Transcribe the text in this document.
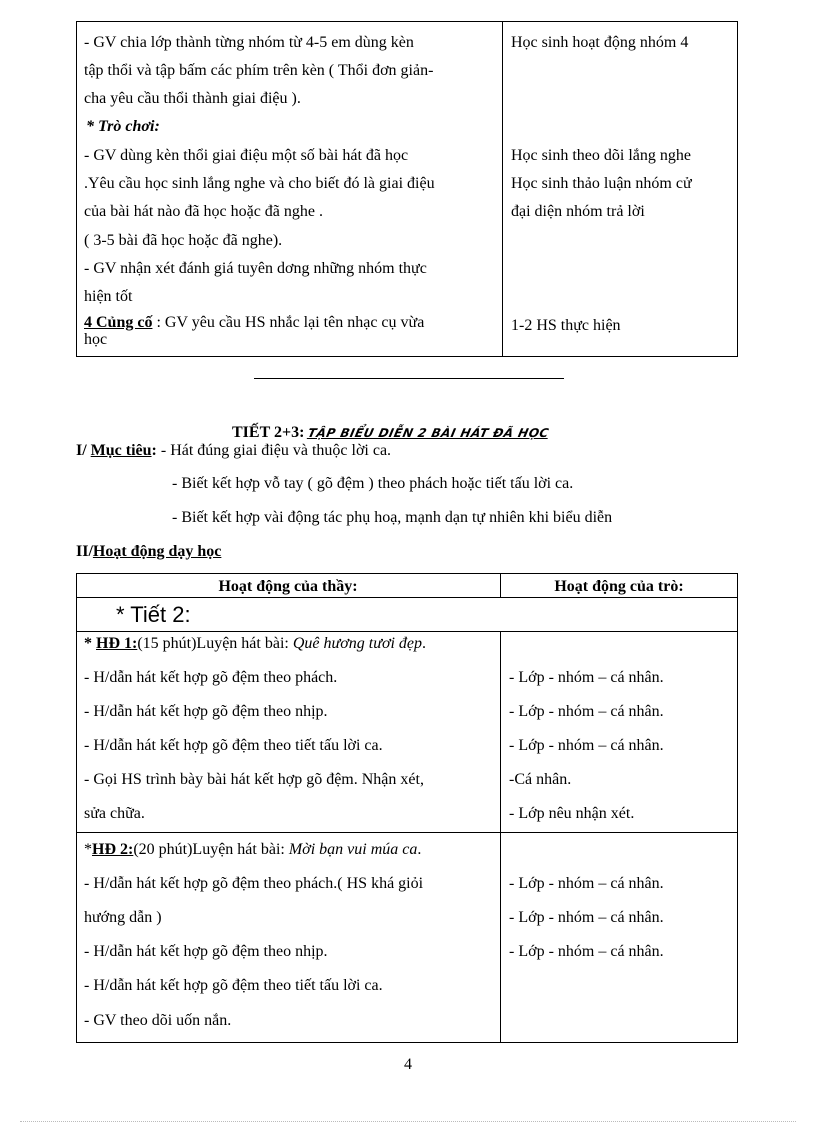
- GV chia lớp thành từng nhóm từ 4-5 em dùng kèn
tập thổi và tập bấm các phím trên kèn ( Thổi đơn giản-
cha yêu cầu thổi thành giai điệu ).
Học sinh hoạt động nhóm 4
* Trò chơi:
- GV dùng kèn thổi giai điệu một số bài hát đã học
.Yêu cầu học sinh lắng nghe và cho biết đó là giai điệu
của bài hát nào đã học hoặc đã nghe .
( 3-5 bài đã học hoặc đã nghe).
- GV nhận xét đánh giá tuyên dơng những nhóm thực
hiện tốt
Học sinh theo dõi lắng nghe
Học sinh thảo luận nhóm cử
đại diện nhóm trả lời
4 Củng cố : GV yêu cầu HS nhắc lại tên nhạc cụ vừa
học
1-2 HS thực hiện
TIẾT 2+3: TẬP BIỂU DIỄN 2 BÀI HÁT ĐÃ HỌC
I/ Mục tiêu: - Hát đúng giai điệu và thuộc lời ca.
- Biết kết hợp vỗ tay ( gõ đệm ) theo phách hoặc tiết tấu lời ca.
- Biết kết hợp vài động tác phụ hoạ, mạnh dạn tự nhiên khi biểu diễn
II/Hoạt động dạy học
Hoạt động của thầy:	Hoạt động của trò:
* Tiết 2:
* HĐ 1:(15 phút)Luyện hát bài: Quê hương tươi đẹp.
- H/dẫn hát kết hợp gõ đệm theo phách.
- H/dẫn hát kết hợp gõ đệm theo nhịp.
- H/dẫn hát kết hợp gõ đệm theo tiết tấu lời ca.
- Gọi HS trình bày bài hát kết hợp gõ đệm. Nhận xét,
sửa chữa.
- Lớp - nhóm – cá nhân.
- Lớp - nhóm – cá nhân.
- Lớp - nhóm – cá nhân.
-Cá nhân.
- Lớp nêu nhận xét.
*HĐ 2:(20 phút)Luyện hát bài: Mời bạn vui múa ca.
- H/dẫn hát kết hợp gõ đệm theo phách.( HS khá giỏi
hướng dẫn )
- H/dẫn hát kết hợp gõ đệm theo nhịp.
- H/dẫn hát kết hợp gõ đệm theo tiết tấu lời ca.
- GV theo dõi uốn nắn.
- Lớp - nhóm – cá nhân.
- Lớp - nhóm – cá nhân.
- Lớp - nhóm – cá nhân.
4
